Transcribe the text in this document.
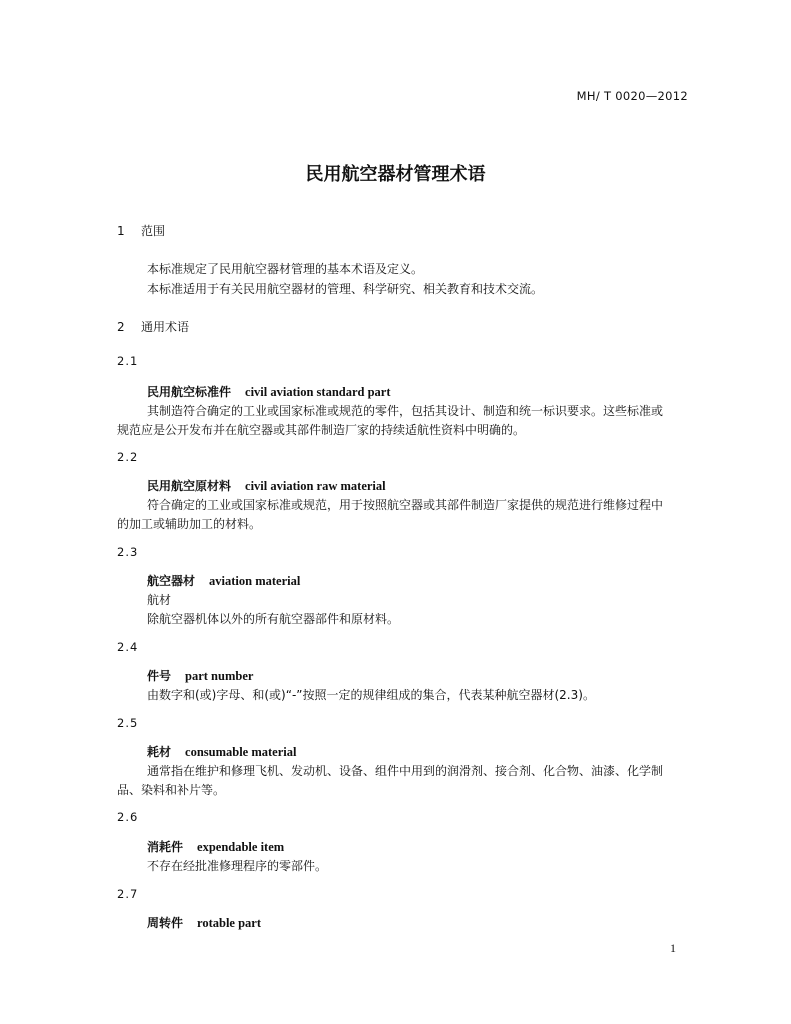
MH/ T 0020—2012
民用航空器材管理术语
1 范围
本标准规定了民用航空器材管理的基本术语及定义。
本标准适用于有关民用航空器材的管理、科学研究、相关教育和技术交流。
2 通用术语
2.1
民用航空标准件 civil aviation standard part
其制造符合确定的工业或国家标准或规范的零件，包括其设计、制造和统一标识要求。这些标准或
规范应是公开发布并在航空器或其部件制造厂家的持续适航性资料中明确的。
2.2
民用航空原材料 civil aviation raw material
符合确定的工业或国家标准或规范，用于按照航空器或其部件制造厂家提供的规范进行维修过程中
的加工或辅助加工的材料。
2.3
航空器材 aviation material
航材
除航空器机体以外的所有航空器部件和原材料。
2.4
件号 part number
由数字和(或)字母、和(或)“-”按照一定的规律组成的集合，代表某种航空器材(2.3)。
2.5
耗材 consumable material
通常指在维护和修理飞机、发动机、设备、组件中用到的润滑剂、接合剂、化合物、油漆、化学制
品、染料和补片等。
2.6
消耗件 expendable item
不存在经批准修理程序的零部件。
2.7
周转件 rotable part
1
